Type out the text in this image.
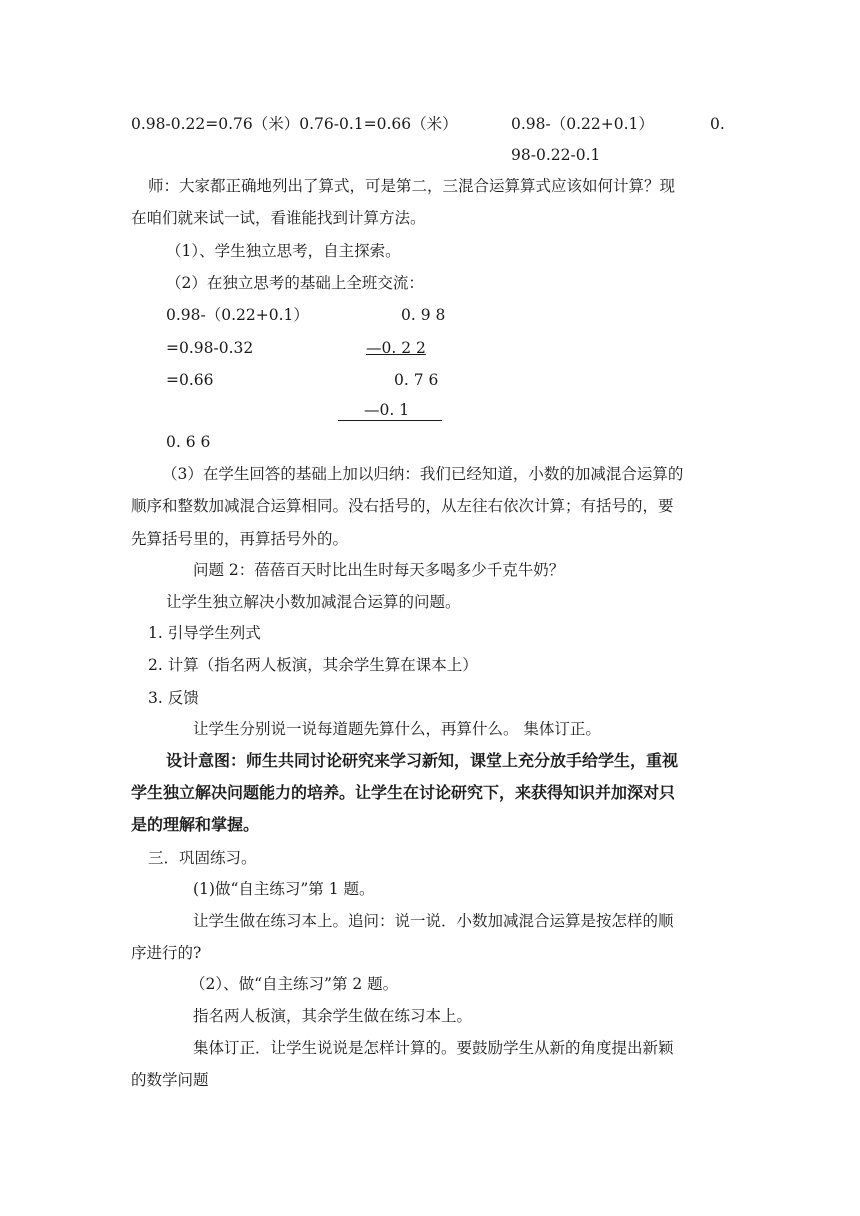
0.98-0.22=0.76（米）0.76-0.1=0.66（米）	0.98-（0.22+0.1）	0.
98-0.22-0.1
师：大家都正确地列出了算式，可是第二，三混合运算算式应该如何计算？现
在咱们就来试一试，看谁能找到计算方法。
（1）、学生独立思考，自主探索。
（2）在独立思考的基础上全班交流：
0.98-（0.22+0.1）
=0.98-0.32
=0.66
0. 9 8
—0. 2 2
0. 7 6
—0. 1
0. 6 6
（3）在学生回答的基础上加以归纳：我们已经知道，小数的加减混合运算的
顺序和整数加减混合运算相同。没右括号的，从左往右依次计算；有括号的，要
先算括号里的，再算括号外的。
问题 2：蓓蓓百天时比出生时每天多喝多少千克牛奶？
让学生独立解决小数加减混合运算的问题。
1. 引导学生列式
2. 计算（指名两人板演，其余学生算在课本上）
3. 反馈
让学生分别说一说每道题先算什么，再算什么。 集体订正。
设计意图：师生共同讨论研究来学习新知，课堂上充分放手给学生，重视
学生独立解决问题能力的培养。让学生在讨论研究下，来获得知识并加深对只
是的理解和掌握。
三．巩固练习。
(1)做“自主练习”第 1 题。
让学生做在练习本上。追问：说一说．小数加减混合运算是按怎样的顺
序进行的?
（2）、做“自主练习”第 2 题。
指名两人板演，其余学生做在练习本上。
集体订正．让学生说说是怎样计算的。要鼓励学生从新的角度提出新颖
的数学问题
